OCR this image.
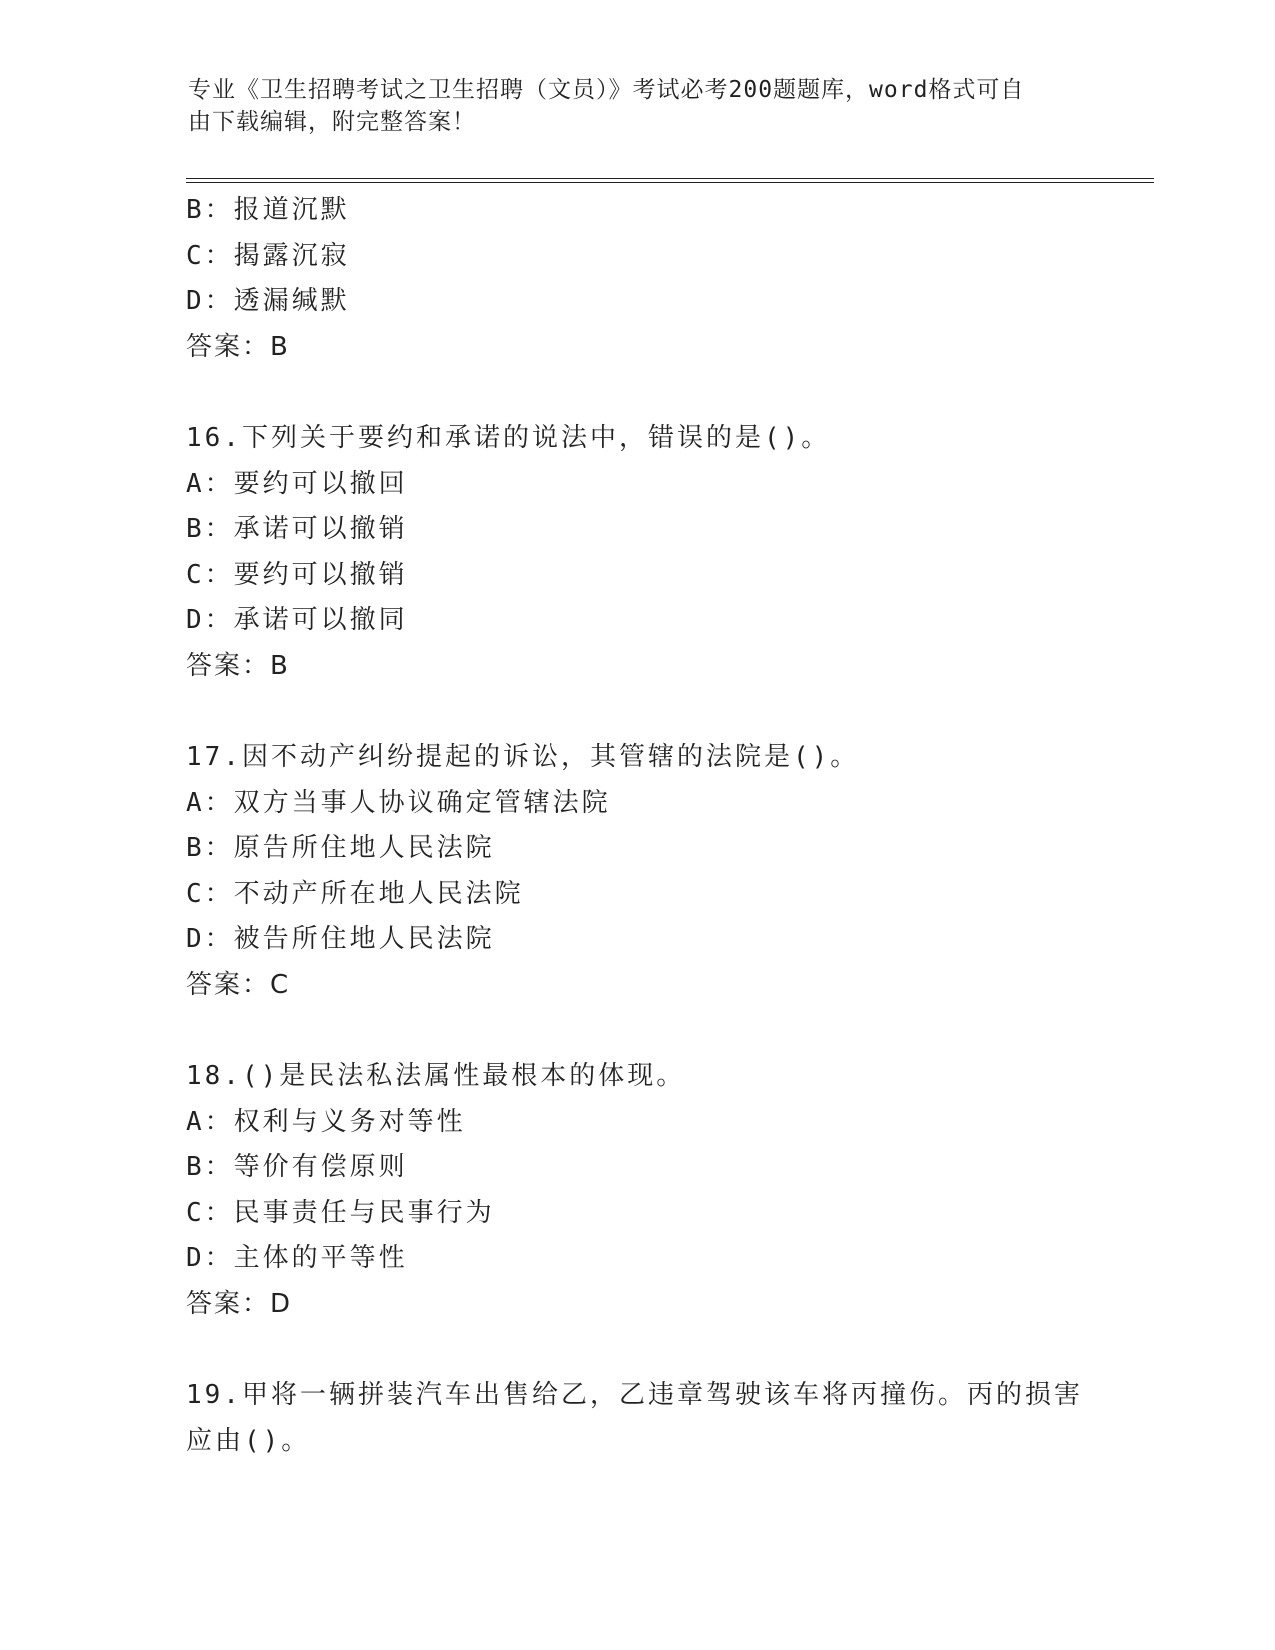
专业《卫生招聘考试之卫生招聘（文员）》考试必考200题题库，word格式可自
由下载编辑，附完整答案！
B：报道沉默
C：揭露沉寂
D：透漏缄默
答案：B
16.下列关于要约和承诺的说法中，错误的是()。
A：要约可以撤回
B：承诺可以撤销
C：要约可以撤销
D：承诺可以撤同
答案：B
17.因不动产纠纷提起的诉讼，其管辖的法院是()。
A：双方当事人协议确定管辖法院
B：原告所住地人民法院
C：不动产所在地人民法院
D：被告所住地人民法院
答案：C
18.()是民法私法属性最根本的体现。
A：权利与义务对等性
B：等价有偿原则
C：民事责任与民事行为
D：主体的平等性
答案：D
19.甲将一辆拼装汽车出售给乙，乙违章驾驶该车将丙撞伤。丙的损害
应由()。
